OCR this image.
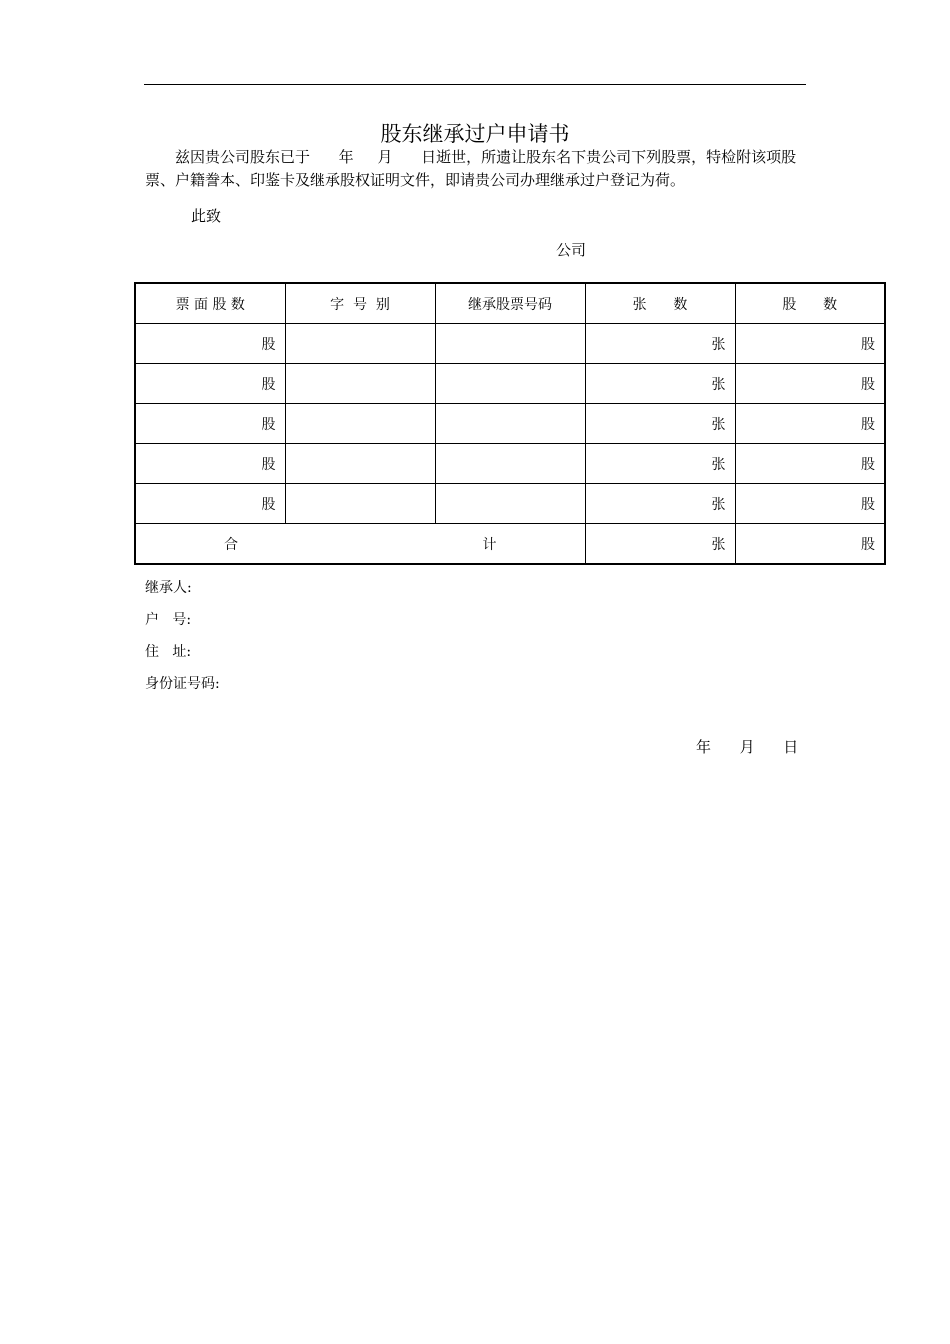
股东继承过户申请书
　　兹因贵公司股东已于 年 月 日逝世，所遗让股东名下贵公司下列股票，特检附该项股票、户籍誊本、印鉴卡及继承股权证明文件，即请贵公司办理继承过户登记为荷。
此致
公司
票 面 股 数	字  号  别	继承股票号码	张      数	股      数
股			张	股
股			张	股
股			张	股
股			张	股
股			张	股

合 计			张	股
继承人:
户   号:
住   址:
身份证号码:
年 月 日
